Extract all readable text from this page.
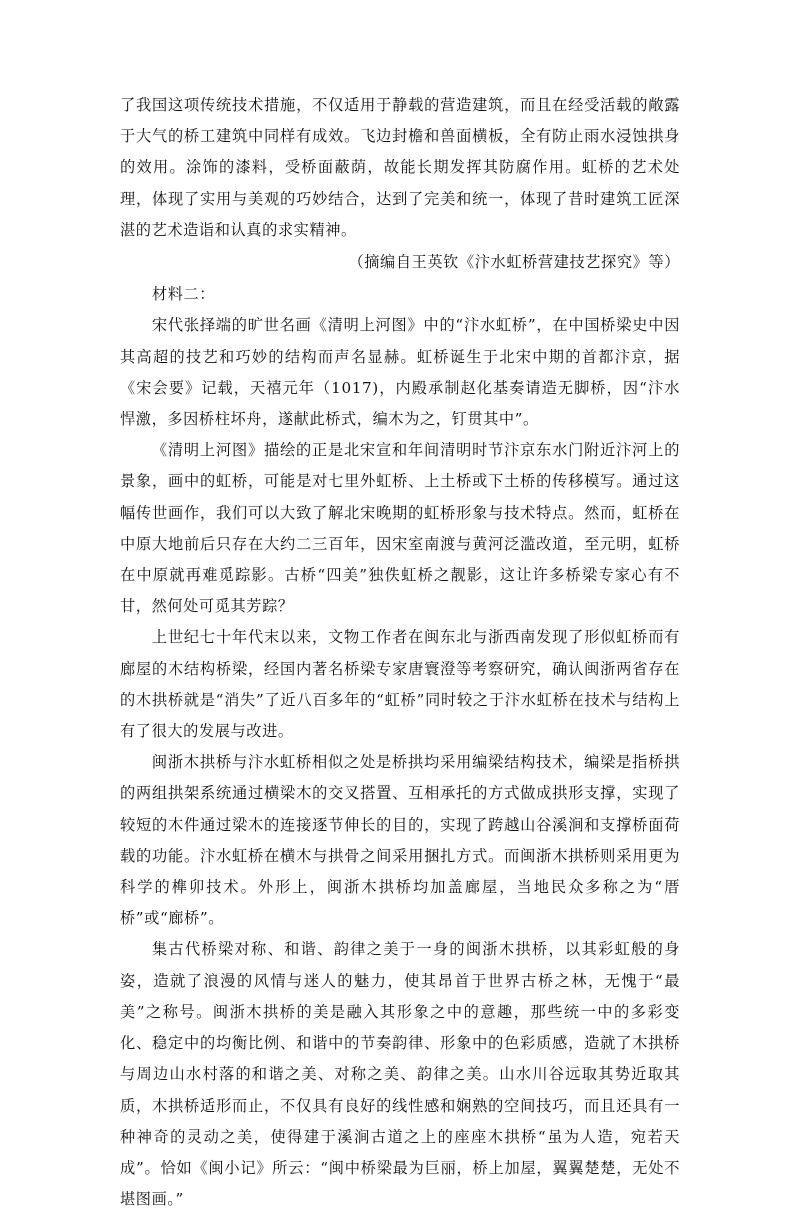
了我国这项传统技术措施，不仅适用于静载的营造建筑，而且在经受活载的敞露于大气的桥工建筑中同样有成效。飞边封檐和兽面横板，全有防止雨水浸蚀拱身的效用。涂饰的漆料，受桥面蔽荫，故能长期发挥其防腐作用。虹桥的艺术处理，体现了实用与美观的巧妙结合，达到了完美和统一，体现了昔时建筑工匠深湛的艺术造诣和认真的求实精神。

（摘编自王英钦《汴水虹桥营建技艺探究》等）

材料二：

宋代张择端的旷世名画《清明上河图》中的“汴水虹桥”，在中国桥梁史中因其高超的技艺和巧妙的结构而声名显赫。虹桥诞生于北宋中期的首都汴京，据《宋会要》记载，天禧元年（1017)，内殿承制赵化基奏请造无脚桥，因“汴水悍激，多因桥柱坏舟，遂献此桥式，编木为之，钉贯其中”。

《清明上河图》描绘的正是北宋宣和年间清明时节汴京东水门附近汴河上的景象，画中的虹桥，可能是对七里外虹桥、上土桥或下土桥的传移模写。通过这幅传世画作，我们可以大致了解北宋晚期的虹桥形象与技术特点。然而，虹桥在中原大地前后只存在大约二三百年，因宋室南渡与黄河泛滥改道，至元明，虹桥在中原就再难觅踪影。古桥“四美”独佚虹桥之靓影，这让许多桥梁专家心有不甘，然何处可觅其芳踪？

上世纪七十年代末以来，文物工作者在闽东北与浙西南发现了形似虹桥而有廊屋的木结构桥梁，经国内著名桥梁专家唐寰澄等考察研究，确认闽浙两省存在的木拱桥就是“消失”了近八百多年的“虹桥”同时较之于汴水虹桥在技术与结构上有了很大的发展与改进。

闽浙木拱桥与汴水虹桥相似之处是桥拱均采用编梁结构技术，编梁是指桥拱的两组拱架系统通过横梁木的交叉搭置、互相承托的方式做成拱形支撑，实现了较短的木件通过梁木的连接逐节伸长的目的，实现了跨越山谷溪涧和支撑桥面荷载的功能。汴水虹桥在横木与拱骨之间采用捆扎方式。而闽浙木拱桥则采用更为科学的榫卯技术。外形上，闽浙木拱桥均加盖廊屋，当地民众多称之为“厝桥”或“廊桥”。

集古代桥梁对称、和谐、韵律之美于一身的闽浙木拱桥，以其彩虹般的身姿，造就了浪漫的风情与迷人的魅力，使其昂首于世界古桥之林，无愧于“最美”之称号。闽浙木拱桥的美是融入其形象之中的意趣，那些统一中的多彩变化、稳定中的均衡比例、和谐中的节奏韵律、形象中的色彩质感，造就了木拱桥与周边山水村落的和谐之美、对称之美、韵律之美。山水川谷远取其势近取其质，木拱桥适形而止，不仅具有良好的线性感和娴熟的空间技巧，而且还具有一种神奇的灵动之美，使得建于溪涧古道之上的座座木拱桥“虽为人造，宛若天成”。恰如《闽小记》所云：“闽中桥梁最为巨丽，桥上加屋，翼翼楚楚，无处不堪图画。”
